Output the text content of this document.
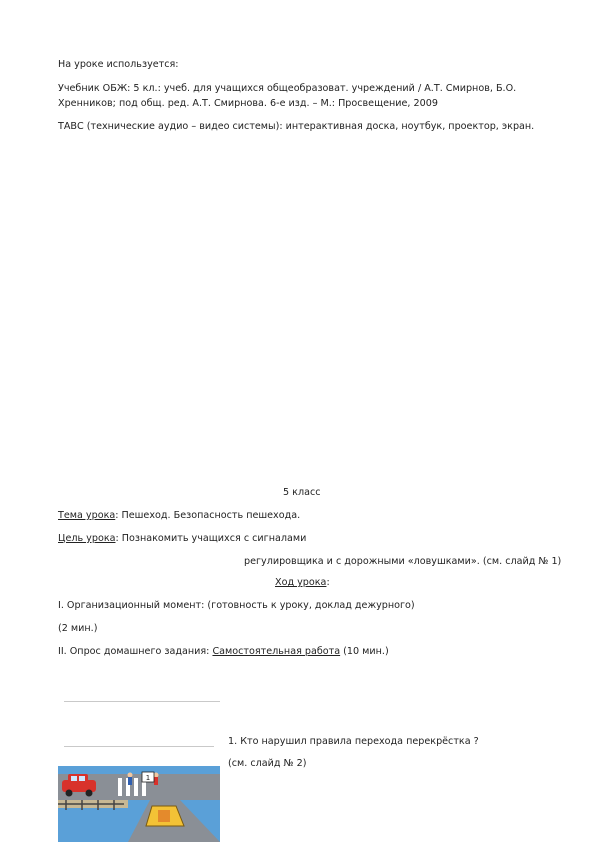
На уроке используется:
Учебник ОБЖ: 5 кл.: учеб. для учащихся общеобразоват. учреждений / А.Т. Смирнов, Б.О.
Хренников; под общ. ред. А.Т. Смирнова. 6-е изд. – М.: Просвещение, 2009
ТАВС (технические аудио – видео системы): интерактивная доска, ноутбук, проектор, экран.
5 класс
Тема урока: Пешеход. Безопасность пешехода.
Цель урока: Познакомить учащихся с сигналами
регулировщика и с дорожными «ловушками». (см. слайд № 1)
Ход урока:
I. Организационный момент: (готовность к уроку, доклад дежурного)
(2 мин.)
II. Опрос домашнего задания: Самостоятельная работа (10 мин.)
1. Кто нарушил правила перехода перекрёстка ?
(см. слайд № 2)
1
